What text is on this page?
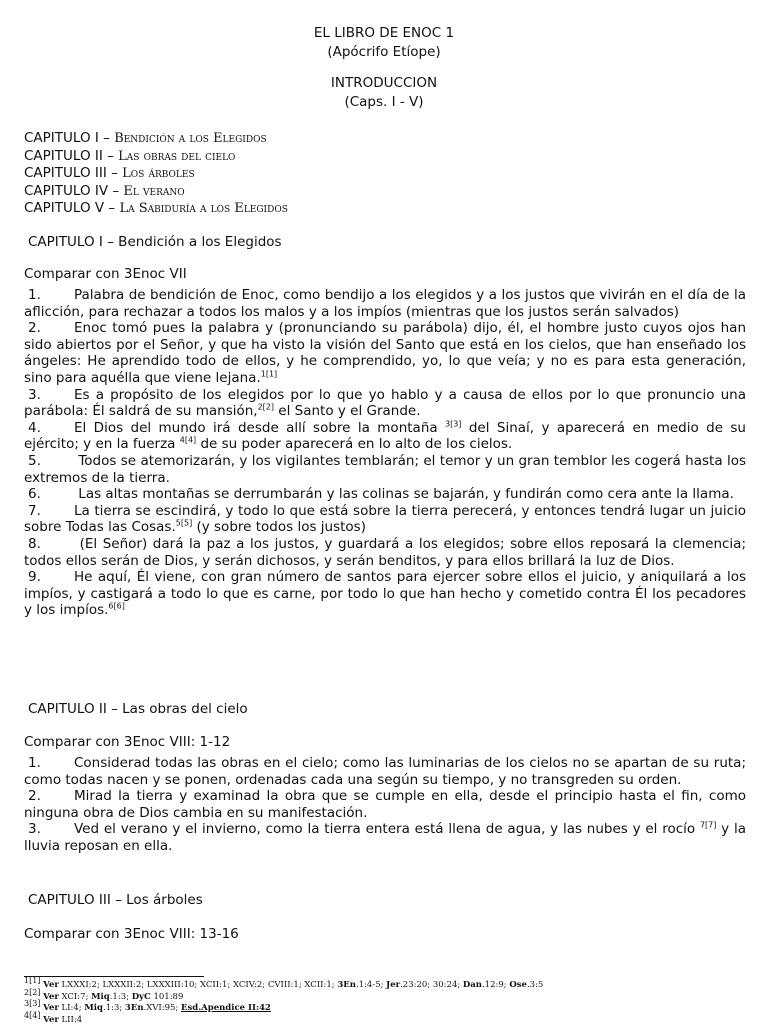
EL LIBRO DE ENOC 1
(Apócrifo Etíope)
INTRODUCCION
(Caps. I - V)
CAPITULO I – Bendición a los Elegidos
CAPITULO II – Las obras del cielo
CAPITULO III – Los árboles
CAPITULO IV – El verano
CAPITULO V – La Sabiduría a los Elegidos
CAPITULO I – Bendición a los Elegidos
Comparar con 3Enoc VII

1. Palabra de bendición de Enoc, como bendijo a los elegidos y a los justos que vivirán en el día de la aflicción, para rechazar a todos los malos y a los impíos (mientras que los justos serán salvados)

2. Enoc tomó pues la palabra y (pronunciando su parábola) dijo, él, el hombre justo cuyos ojos han sido abiertos por el Señor, y que ha visto la visión del Santo que está en los cielos, que han enseñado los ángeles: He aprendido todo de ellos, y he comprendido, yo, lo que veía; y no es para esta generación, sino para aquélla que viene lejana.$^{1[1]}$

3. Es a propósito de los elegidos por lo que yo hablo y a causa de ellos por lo que pronuncio una parábola: Él saldrá de su mansión,$^{2[2]}$ el Santo y el Grande.

4. El Dios del mundo irá desde allí sobre la montaña $^{3[3]}$ del Sinaí, y aparecerá en medio de su ejército; y en la fuerza $^{4[4]}$ de su poder aparecerá en lo alto de los cielos.

5. Todos se atemorizarán, y los vigilantes temblarán; el temor y un gran temblor les cogerá hasta los extremos de la tierra.

6. Las altas montañas se derrumbarán y las colinas se bajarán, y fundirán como cera ante la llama.

7. La tierra se escindirá, y todo lo que está sobre la tierra perecerá, y entonces tendrá lugar un juicio sobre Todas las Cosas.$^{5[5]}$ (y sobre todos los justos)

8. (El Señor) dará la paz a los justos, y guardará a los elegidos; sobre ellos reposará la clemencia; todos ellos serán de Dios, y serán dichosos, y serán benditos, y para ellos brillará la luz de Dios.

9. He aquí, Él viene, con gran número de santos para ejercer sobre ellos el juicio, y aniquilará a los impíos, y castigará a todo lo que es carne, por todo lo que han hecho y cometido contra Él los pecadores y los impíos.$^{6[6]}$

CAPITULO II – Las obras del cielo
Comparar con 3Enoc VIII: 1-12

1. Considerad todas las obras en el cielo; como las luminarias de los cielos no se apartan de su ruta; como todas nacen y se ponen, ordenadas cada una según su tiempo, y no transgreden su orden.

2. Mirad la tierra y examinad la obra que se cumple en ella, desde el principio hasta el fin, como ninguna obra de Dios cambia en su manifestación.

3. Ved el verano y el invierno, como la tierra entera está llena de agua, y las nubes y el rocío $^{7[7]}$ y la lluvia reposan en ella.

CAPITULO III – Los árboles
Comparar con 3Enoc VIII: 13-16
$^{1[1]}$ Ver LXXXI:2; LXXXII:2; LXXXIII:10; XCII:1; XCIV:2; CVIII:1; XCII:1; 3En.1:4-5; Jer.23:20; 30:24; Dan.12:9; Ose.3:5
$^{2[2]}$ Ver XCI:7; Miq.1:3; DyC 101:89
$^{3[3]}$ Ver LI:4; Miq.1:3; 3En.XVI:95; Esd.Apendice II:42
$^{4[4]}$ Ver LII:4
